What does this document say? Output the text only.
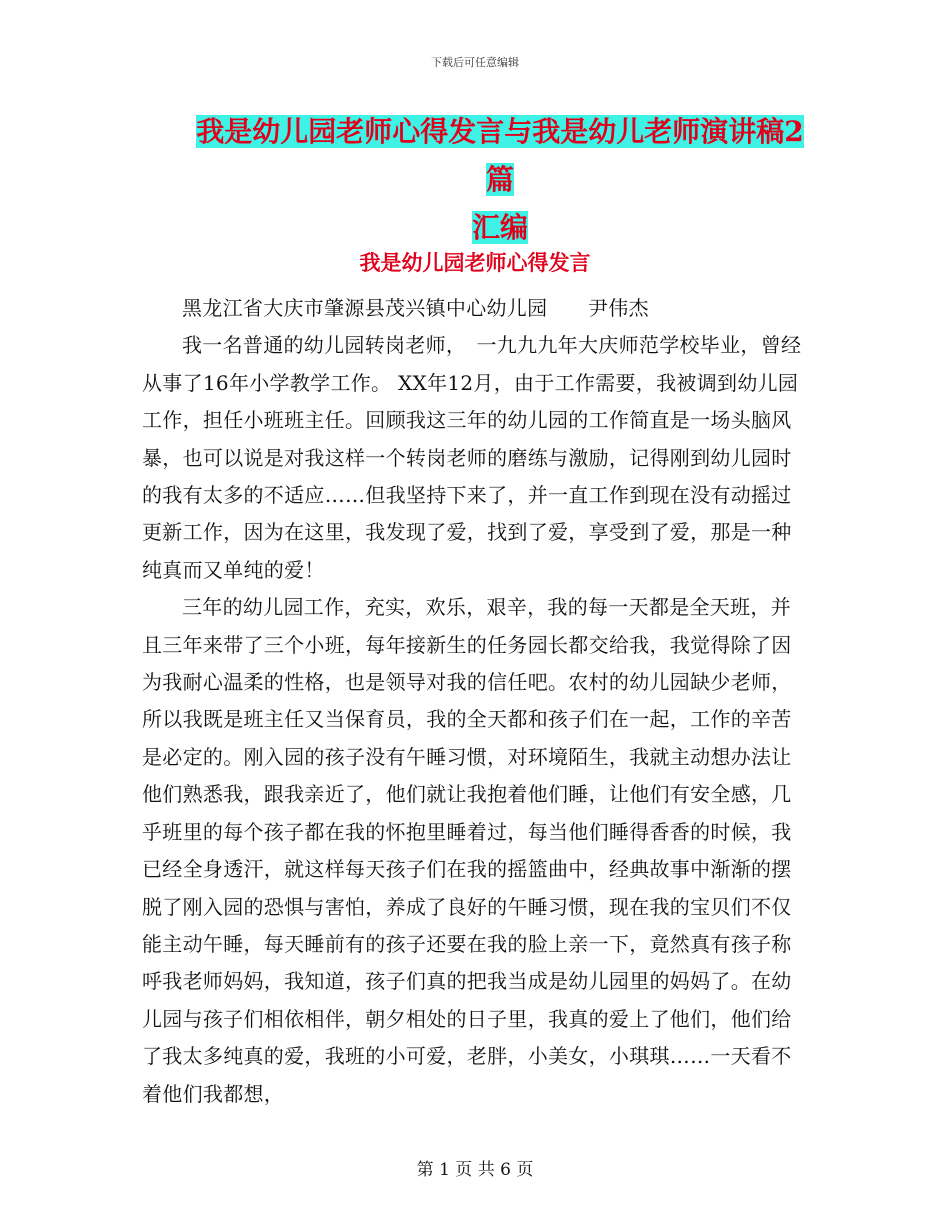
下载后可任意编辑
我是幼儿园老师心得发言与我是幼儿老师演讲稿2篇
汇编
我是幼儿园老师心得发言

黑龙江省大庆市肇源县茂兴镇中心幼儿园　　尹伟杰

我一名普通的幼儿园转岗老师，　一九九九年大庆师范学校毕业，曾经从事了16年小学教学工作。 XX年12月，由于工作需要，我被调到幼儿园工作，担任小班班主任。回顾我这三年的幼儿园的工作简直是一场头脑风暴，也可以说是对我这样一个转岗老师的磨练与激励，记得刚到幼儿园时的我有太多的不适应……但我坚持下来了，并一直工作到现在没有动摇过更新工作，因为在这里，我发现了爱，找到了爱，享受到了爱，那是一种纯真而又单纯的爱！

三年的幼儿园工作，充实，欢乐，艰辛，我的每一天都是全天班，并且三年来带了三个小班，每年接新生的任务园长都交给我，我觉得除了因为我耐心温柔的性格，也是领导对我的信任吧。农村的幼儿园缺少老师，所以我既是班主任又当保育员，我的全天都和孩子们在一起，工作的辛苦是必定的。刚入园的孩子没有午睡习惯，对环境陌生，我就主动想办法让他们熟悉我，跟我亲近了，他们就让我抱着他们睡，让他们有安全感，几乎班里的每个孩子都在我的怀抱里睡着过，每当他们睡得香香的时候，我已经全身透汗，就这样每天孩子们在我的摇篮曲中，经典故事中渐渐的摆脱了刚入园的恐惧与害怕，养成了良好的午睡习惯，现在我的宝贝们不仅能主动午睡，每天睡前有的孩子还要在我的脸上亲一下，竟然真有孩子称呼我老师妈妈，我知道，孩子们真的把我当成是幼儿园里的妈妈了。在幼儿园与孩子们相依相伴，朝夕相处的日子里，我真的爱上了他们，他们给了我太多纯真的爱，我班的小可爱，老胖，小美女，小琪琪……一天看不着他们我都想，

第 1 页 共 6 页
